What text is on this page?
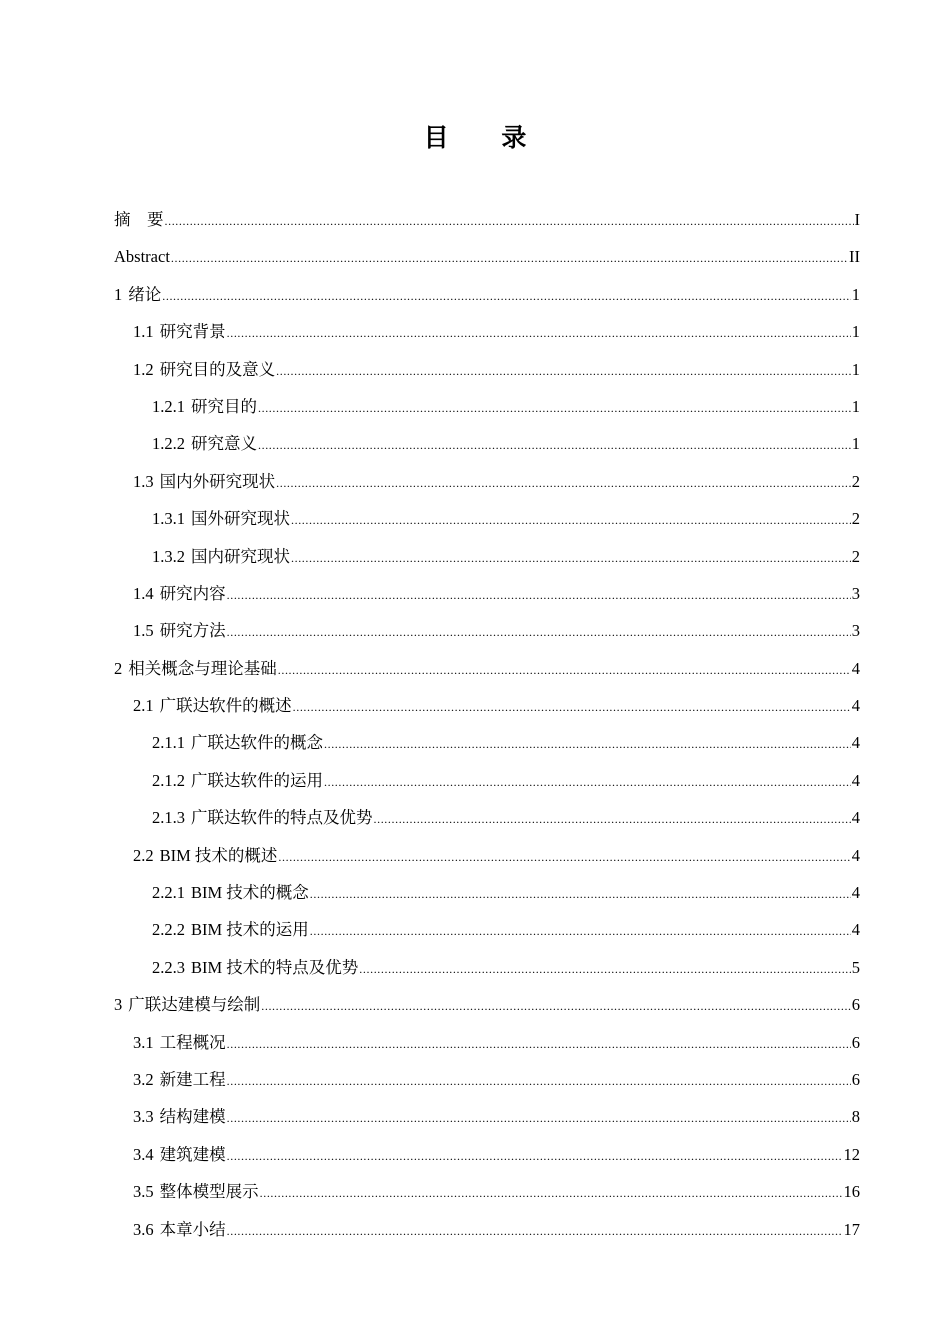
目 录
摘　要 .....	I
Abstract .....	II
1 绪论 .....	1
1.1 研究背景 .....	1
1.2 研究目的及意义 .....	1
1.2.1 研究目的 .....	1
1.2.2 研究意义 .....	1
1.3 国内外研究现状 .....	2
1.3.1 国外研究现状 .....	2
1.3.2 国内研究现状 .....	2
1.4 研究内容 .....	3
1.5 研究方法 .....	3
2 相关概念与理论基础 .....	4
2.1 广联达软件的概述 .....	4
2.1.1 广联达软件的概念 .....	4
2.1.2 广联达软件的运用 .....	4
2.1.3 广联达软件的特点及优势 .....	4
2.2 BIM 技术的概述 .....	4
2.2.1 BIM 技术的概念 .....	4
2.2.2 BIM 技术的运用 .....	4
2.2.3 BIM 技术的特点及优势 .....	5
3 广联达建模与绘制 .....	6
3.1 工程概况 .....	6
3.2 新建工程 .....	6
3.3 结构建模 .....	8
3.4 建筑建模 .....	12
3.5 整体模型展示 .....	16
3.6 本章小结 .....	17
